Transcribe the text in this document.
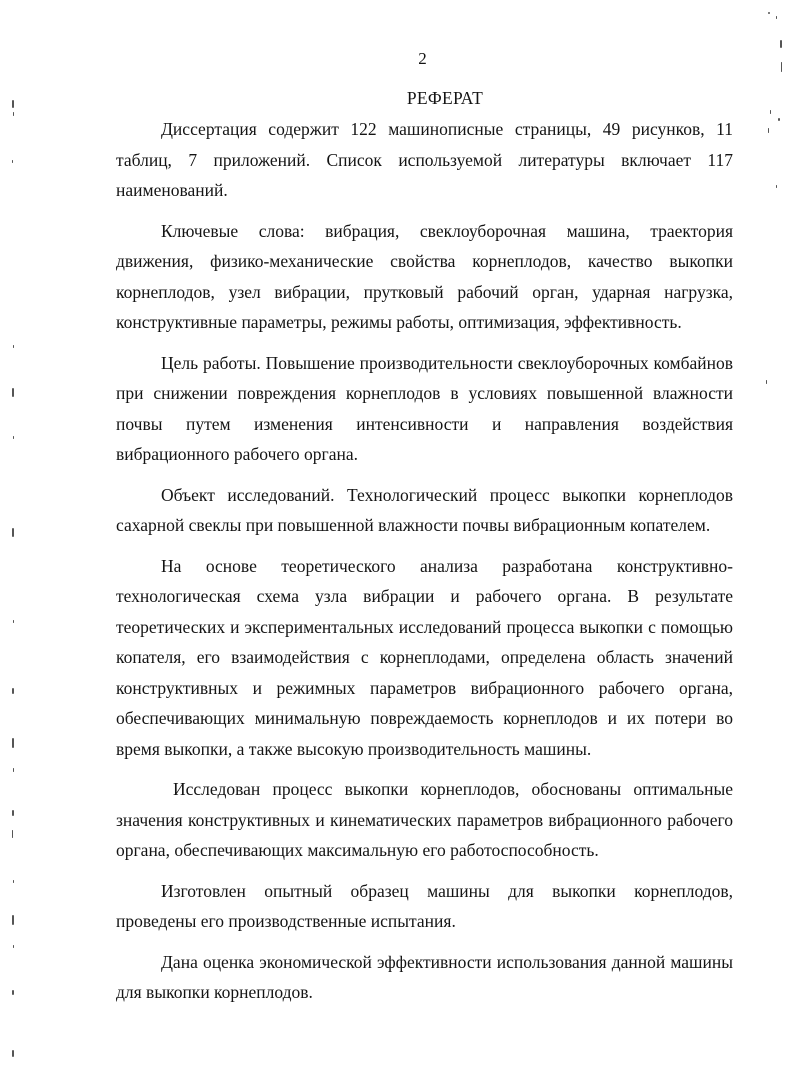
2
РЕФЕРАТ

Диссертация содержит 122 машинописные страницы, 49 рисунков, 11 таблиц, 7 приложений. Список используемой литературы включает 117 наименований.

Ключевые слова: вибрация, свеклоуборочная машина, траектория движения, физико-механические свойства корнеплодов, качество выкопки корнеплодов, узел вибрации, прутковый рабочий орган, ударная нагрузка, конструктивные параметры, режимы работы, оптимизация, эффективность.

Цель работы. Повышение производительности свеклоуборочных комбайнов при снижении повреждения корнеплодов в условиях повышенной влажности почвы путем изменения интенсивности и направления воздействия вибрационного рабочего органа.

Объект исследований. Технологический процесс выкопки корнеплодов сахарной свеклы при повышенной влажности почвы вибрационным копателем.

На основе теоретического анализа разработана конструктивно-технологическая схема узла вибрации и рабочего органа. В результате теоретических и экспериментальных исследований процесса выкопки с помощью копателя, его взаимодействия с корнеплодами, определена область значений конструктивных и режимных параметров вибрационного рабочего органа, обеспечивающих минимальную повреждаемость корнеплодов и их потери во время выкопки, а также высокую производительность машины.

Исследован процесс выкопки корнеплодов, обоснованы оптимальные значения конструктивных и кинематических параметров вибрационного рабочего органа, обеспечивающих максимальную его работоспособность.

Изготовлен опытный образец машины для выкопки корнеплодов, проведены его производственные испытания.

Дана оценка экономической эффективности использования данной машины для выкопки корнеплодов.
